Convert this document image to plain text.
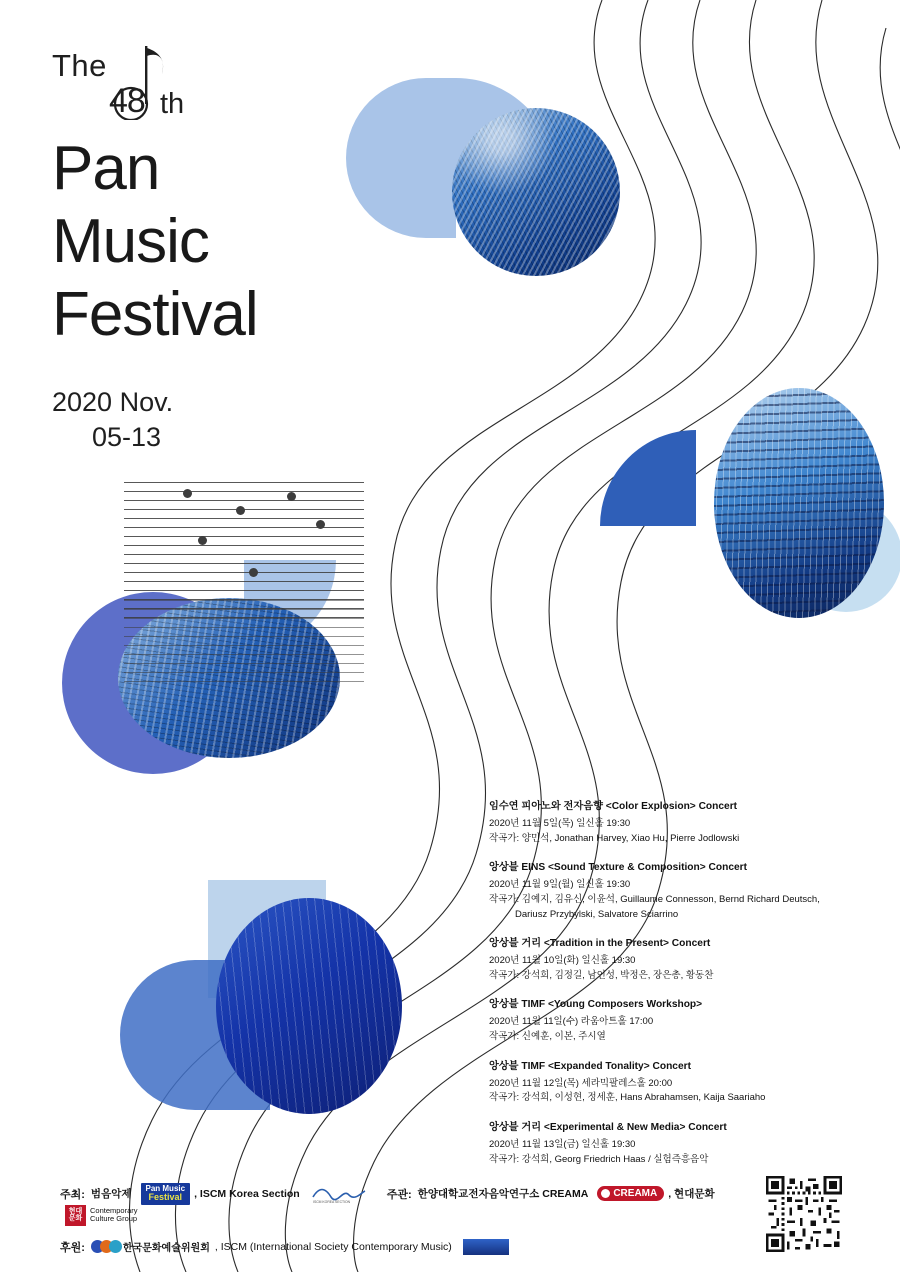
The
48 th
Pan
Music
Festival
2020 Nov.
05-13
임수연 피아노와 전자음향 <Color Explosion> Concert
2020년 11월 5일(목) 일신홀 19:30
작곡가: 양민석, Jonathan Harvey, Xiao Hu, Pierre Jodlowski
앙상블 EINS <Sound Texture & Composition> Concert
2020년 11월 9일(월) 일신홀 19:30
작곡가: 김예지, 김유신, 이윤석, Guillaume Connesson, Bernd Richard Deutsch,
Dariusz Przybylski, Salvatore Sciarrino
앙상블 거리 <Tradition in the Present> Concert
2020년 11월 10일(화) 일신홀 19:30
작곡가: 강석희, 김정길, 남인성, 박정은, 장은총, 황동찬
앙상블 TIMF <Young Composers Workshop>
2020년 11월 11일(수) 라움아트홀 17:00
작곡가: 신예훈, 이본, 주시열
앙상블 TIMF <Expanded Tonality> Concert
2020년 11월 12일(목) 세라믹팔레스홀 20:00
작곡가: 강석희, 이성현, 정세훈, Hans Abrahamsen, Kaija Saariaho
앙상블 거리 <Experimental & New Media> Concert
2020년 11월 13일(금) 일신홀 19:30
작곡가: 강석희, Georg Friedrich Haas / 실험즉흥음악
주최: 범음악제 Pan Music
Festival , ISCM Korea Section
ISCM KOREA SECTION
주관: 한양대학교전자음악연구소 CREAMA	CREAMA , 현대문화
현대
문화
Contemporary
Culture Group
후원:	한국문화예술위원회 , ISCM (International Society Contemporary Music)
